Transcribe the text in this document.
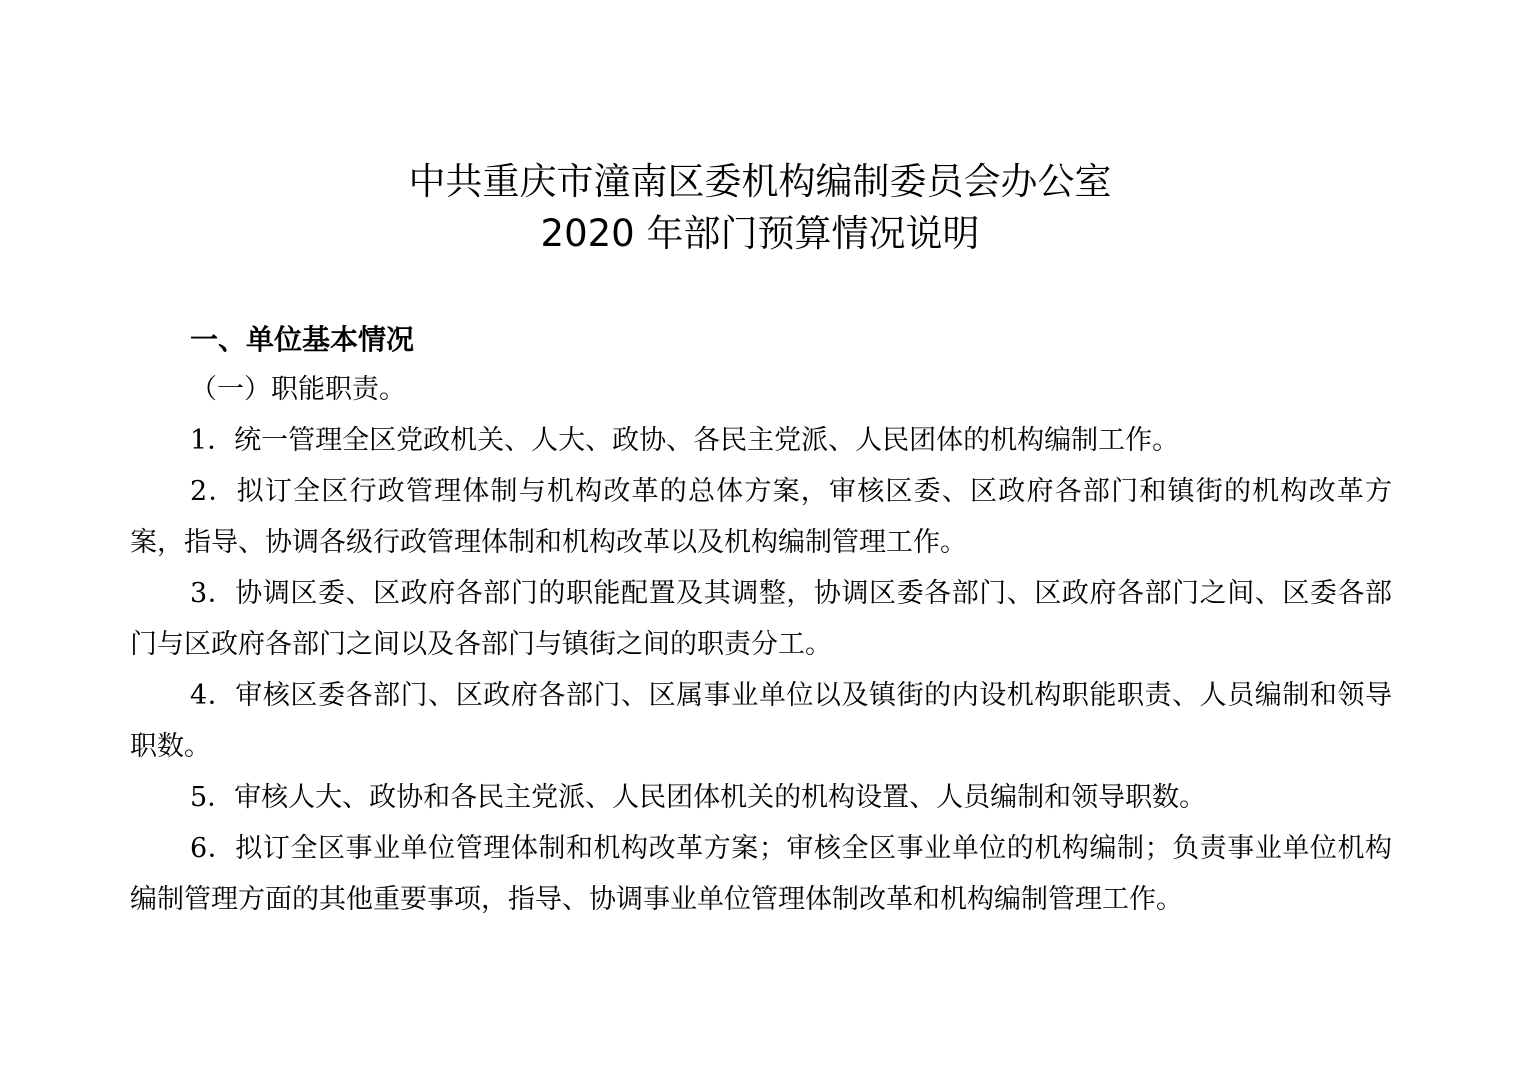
中共重庆市潼南区委机构编制委员会办公室
2020 年部门预算情况说明
一、单位基本情况
（一）职能职责。

1．统一管理全区党政机关、人大、政协、各民主党派、人民团体的机构编制工作。

2．拟订全区行政管理体制与机构改革的总体方案，审核区委、区政府各部门和镇街的机构改革方案，指导、协调各级行政管理体制和机构改革以及机构编制管理工作。

3．协调区委、区政府各部门的职能配置及其调整，协调区委各部门、区政府各部门之间、区委各部门与区政府各部门之间以及各部门与镇街之间的职责分工。

4．审核区委各部门、区政府各部门、区属事业单位以及镇街的内设机构职能职责、人员编制和领导职数。

5．审核人大、政协和各民主党派、人民团体机关的机构设置、人员编制和领导职数。

6．拟订全区事业单位管理体制和机构改革方案；审核全区事业单位的机构编制；负责事业单位机构编制管理方面的其他重要事项，指导、协调事业单位管理体制改革和机构编制管理工作。
